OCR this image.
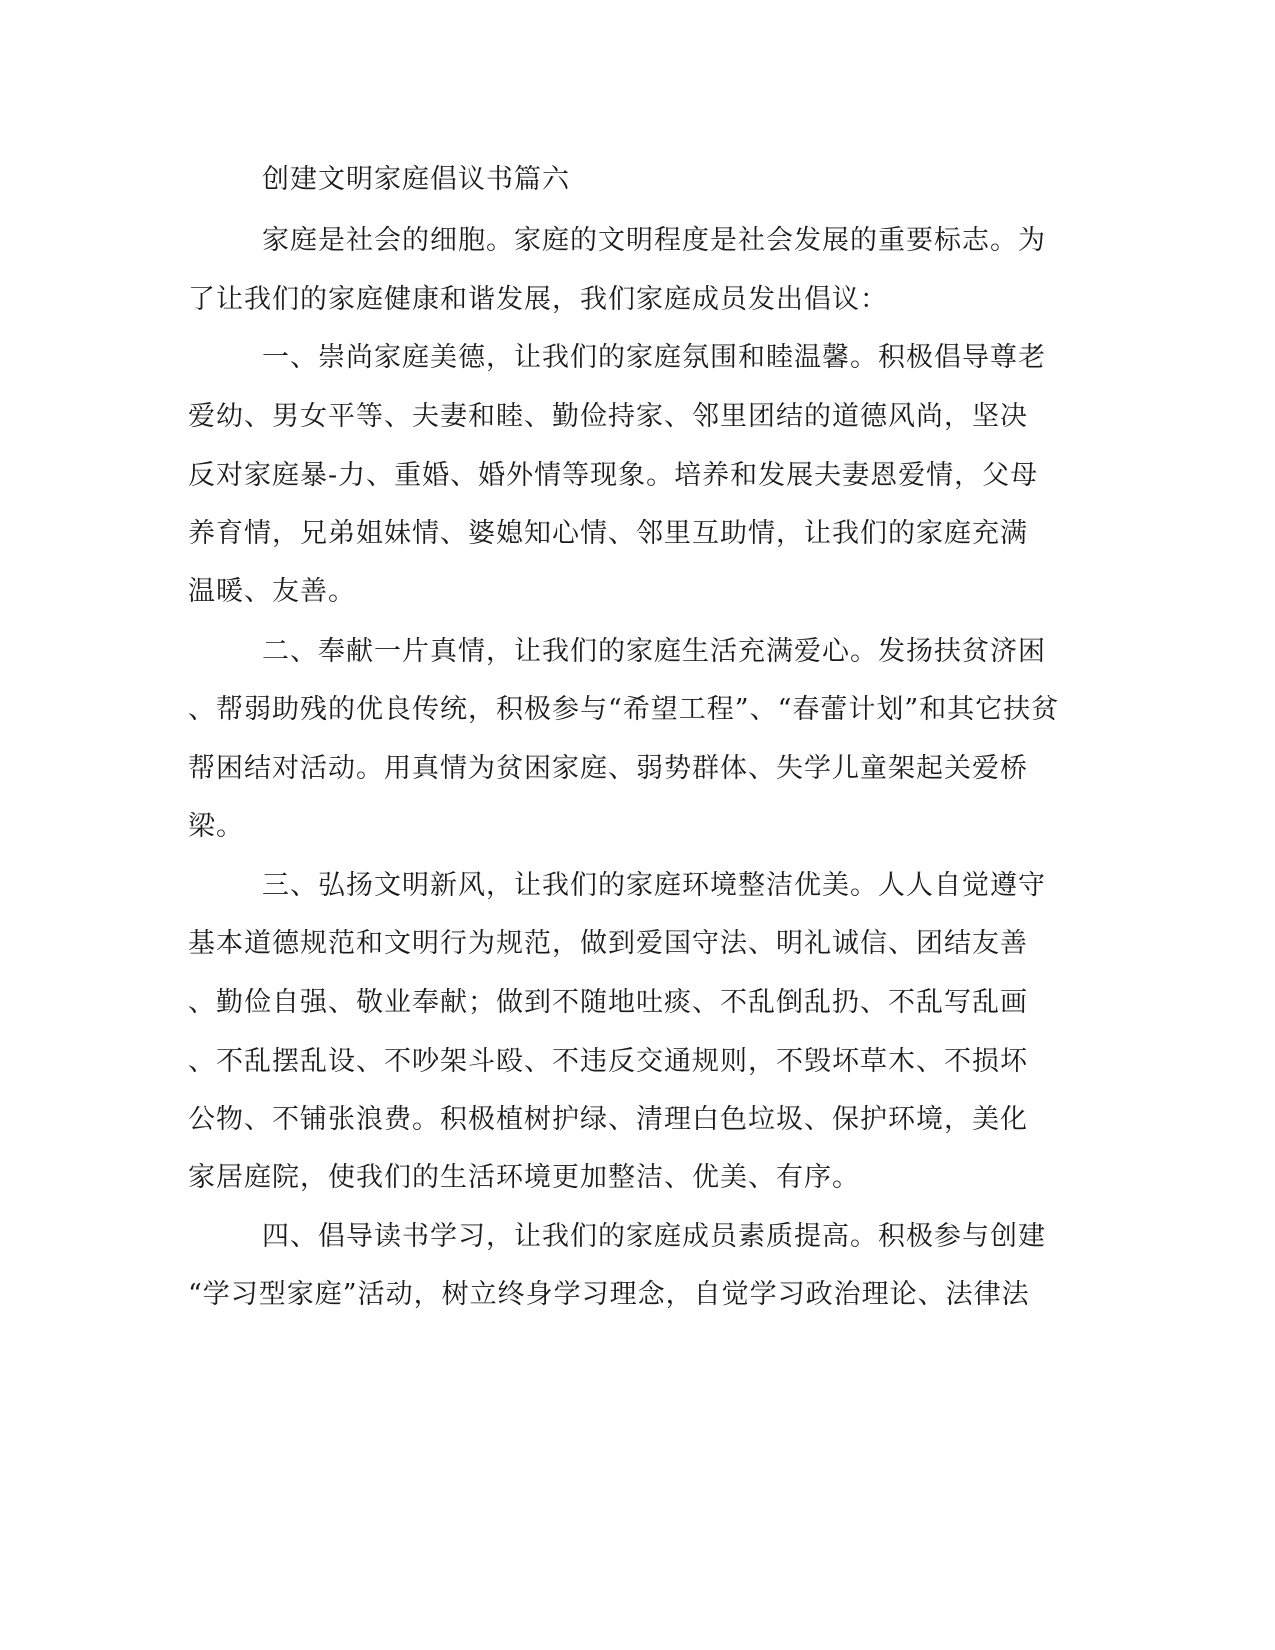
创建文明家庭倡议书篇六

家庭是社会的细胞。家庭的文明程度是社会发展的重要标志。为

了让我们的家庭健康和谐发展，我们家庭成员发出倡议：

一、崇尚家庭美德，让我们的家庭氛围和睦温馨。积极倡导尊老

爱幼、男女平等、夫妻和睦、勤俭持家、邻里团结的道德风尚，坚决

反对家庭暴-力、重婚、婚外情等现象。培养和发展夫妻恩爱情，父母

养育情，兄弟姐妹情、婆媳知心情、邻里互助情，让我们的家庭充满

温暖、友善。

二、奉献一片真情，让我们的家庭生活充满爱心。发扬扶贫济困

、帮弱助残的优良传统，积极参与“希望工程”、“春蕾计划”和其它扶贫

帮困结对活动。用真情为贫困家庭、弱势群体、失学儿童架起关爱桥

梁。

三、弘扬文明新风，让我们的家庭环境整洁优美。人人自觉遵守

基本道德规范和文明行为规范，做到爱国守法、明礼诚信、团结友善

、勤俭自强、敬业奉献；做到不随地吐痰、不乱倒乱扔、不乱写乱画

、不乱摆乱设、不吵架斗殴、不违反交通规则，不毁坏草木、不损坏

公物、不铺张浪费。积极植树护绿、清理白色垃圾、保护环境，美化

家居庭院，使我们的生活环境更加整洁、优美、有序。

四、倡导读书学习，让我们的家庭成员素质提高。积极参与创建

“学习型家庭”活动，树立终身学习理念，自觉学习政治理论、法律法
